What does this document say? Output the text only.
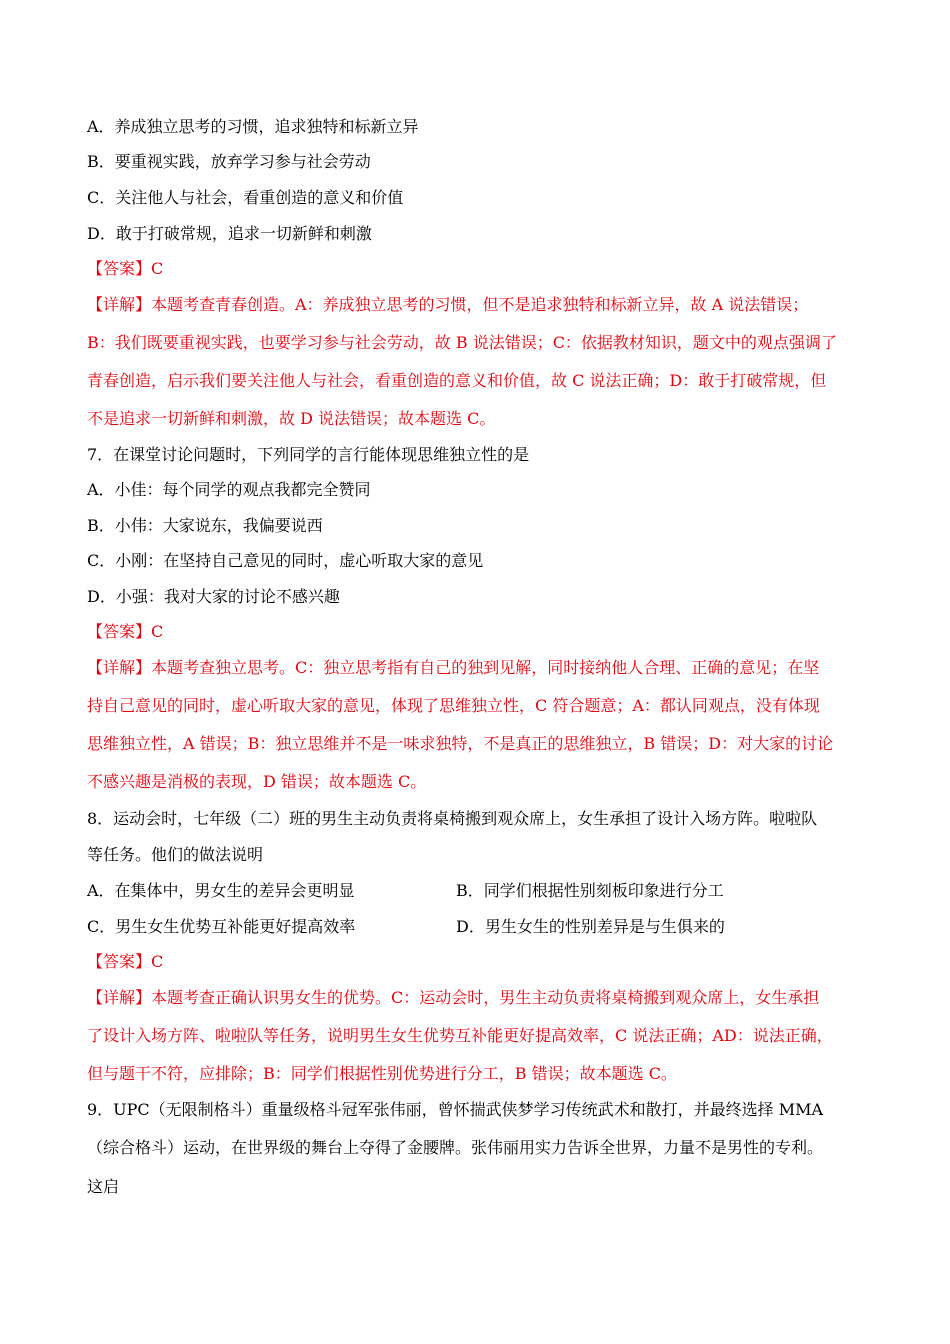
A．养成独立思考的习惯，追求独特和标新立异
B．要重视实践，放弃学习参与社会劳动
C．关注他人与社会，看重创造的意义和价值
D．敢于打破常规，追求一切新鲜和刺激
【答案】C
【详解】本题考查青春创造。A：养成独立思考的习惯，但不是追求独特和标新立异，故 A 说法错误；
B：我们既要重视实践，也要学习参与社会劳动，故 B 说法错误；C：依据教材知识，题文中的观点强调了
青春创造，启示我们要关注他人与社会，看重创造的意义和价值，故 C 说法正确；D：敢于打破常规，但
不是追求一切新鲜和刺激，故 D 说法错误；故本题选 C。
7．在课堂讨论问题时，下列同学的言行能体现思维独立性的是
A．小佳：每个同学的观点我都完全赞同
B．小伟：大家说东，我偏要说西
C．小刚：在坚持自己意见的同时，虚心听取大家的意见
D．小强：我对大家的讨论不感兴趣
【答案】C
【详解】本题考查独立思考。C：独立思考指有自己的独到见解，同时接纳他人合理、正确的意见；在坚
持自己意见的同时，虚心听取大家的意见，体现了思维独立性，C 符合题意；A：都认同观点，没有体现
思维独立性，A 错误；B：独立思维并不是一味求独特，不是真正的思维独立，B 错误；D：对大家的讨论
不感兴趣是消极的表现，D 错误；故本题选 C。
8．运动会时，七年级（二）班的男生主动负责将桌椅搬到观众席上，女生承担了设计入场方阵。啦啦队
等任务。他们的做法说明
A．在集体中，男女生的差异会更明显	B．同学们根据性别刻板印象进行分工
C．男生女生优势互补能更好提高效率	D．男生女生的性别差异是与生俱来的
【答案】C
【详解】本题考查正确认识男女生的优势。C：运动会时，男生主动负责将桌椅搬到观众席上，女生承担
了设计入场方阵、啦啦队等任务，说明男生女生优势互补能更好提高效率，C 说法正确；AD：说法正确，
但与题干不符，应排除；B：同学们根据性别优势进行分工，B 错误；故本题选 C。
9．UPC（无限制格斗）重量级格斗冠军张伟丽，曾怀揣武侠梦学习传统武术和散打，并最终选择 MMA
（综合格斗）运动，在世界级的舞台上夺得了金腰牌。张伟丽用实力告诉全世界，力量不是男性的专利。
这启
